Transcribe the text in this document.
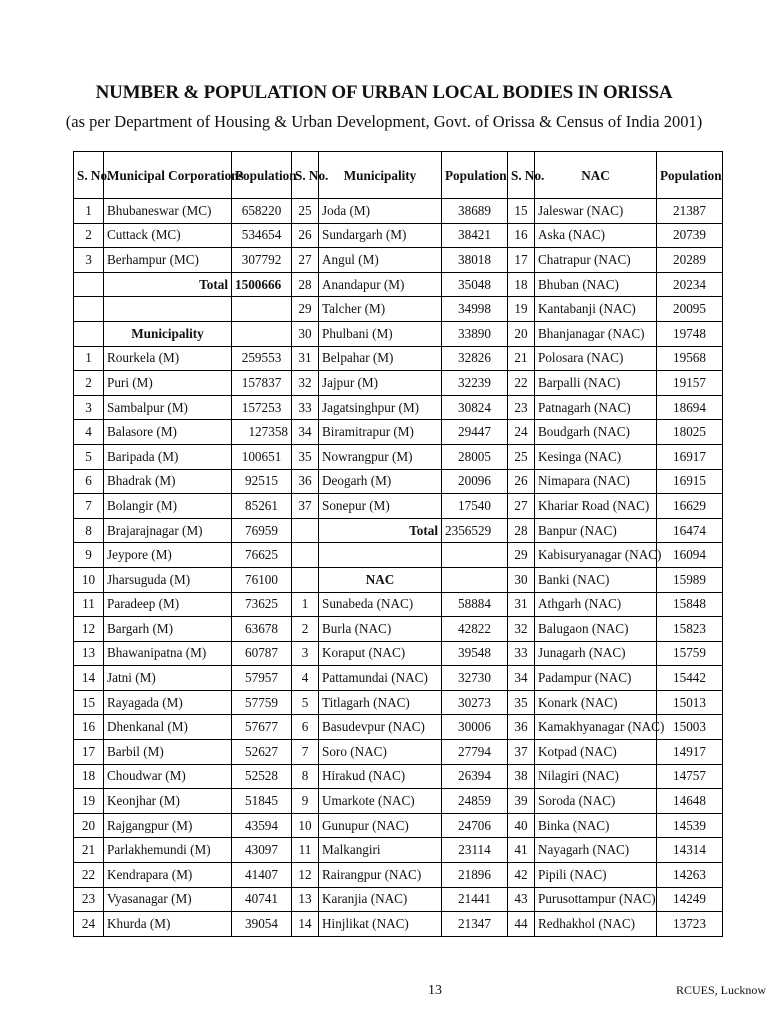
NUMBER & POPULATION OF URBAN LOCAL BODIES IN ORISSA
(as per Department of Housing & Urban Development, Govt. of Orissa & Census of India 2001)
S. No.	Municipal Corporations	Population	S. No.	Municipality	Population	S. No.	NAC	Population
1	Bhubaneswar (MC)	658220	25	Joda (M)	38689	15	Jaleswar (NAC)	21387
2	Cuttack (MC)	534654	26	Sundargarh (M)	38421	16	Aska (NAC)	20739
3	Berhampur (MC)	307792	27	Angul (M)	38018	17	Chatrapur (NAC)	20289
	Total	1500666	28	Anandapur (M)	35048	18	Bhuban (NAC)	20234
			29	Talcher (M)	34998	19	Kantabanji (NAC)	20095
	Municipality		30	Phulbani (M)	33890	20	Bhanjanagar (NAC)	19748
1	Rourkela (M)	259553	31	Belpahar (M)	32826	21	Polosara (NAC)	19568
2	Puri (M)	157837	32	Jajpur (M)	32239	22	Barpalli (NAC)	19157
3	Sambalpur (M)	157253	33	Jagatsinghpur (M)	30824	23	Patnagarh (NAC)	18694
4	Balasore (M)	127358	34	Biramitrapur (M)	29447	24	Boudgarh (NAC)	18025
5	Baripada (M)	100651	35	Nowrangpur (M)	28005	25	Kesinga (NAC)	16917
6	Bhadrak (M)	92515	36	Deogarh (M)	20096	26	Nimapara (NAC)	16915
7	Bolangir (M)	85261	37	Sonepur (M)	17540	27	Khariar Road (NAC)	16629
8	Brajarajnagar (M)	76959		Total	2356529	28	Banpur (NAC)	16474
9	Jeypore (M)	76625				29	Kabisuryanagar (NAC)	16094
10	Jharsuguda (M)	76100		NAC		30	Banki (NAC)	15989
11	Paradeep (M)	73625	1	Sunabeda (NAC)	58884	31	Athgarh (NAC)	15848
12	Bargarh (M)	63678	2	Burla (NAC)	42822	32	Balugaon (NAC)	15823
13	Bhawanipatna (M)	60787	3	Koraput (NAC)	39548	33	Junagarh (NAC)	15759
14	Jatni (M)	57957	4	Pattamundai (NAC)	32730	34	Padampur (NAC)	15442
15	Rayagada (M)	57759	5	Titlagarh (NAC)	30273	35	Konark (NAC)	15013
16	Dhenkanal (M)	57677	6	Basudevpur (NAC)	30006	36	Kamakhyanagar (NAC)	15003
17	Barbil (M)	52627	7	Soro (NAC)	27794	37	Kotpad (NAC)	14917
18	Choudwar (M)	52528	8	Hirakud (NAC)	26394	38	Nilagiri (NAC)	14757
19	Keonjhar (M)	51845	9	Umarkote (NAC)	24859	39	Soroda (NAC)	14648
20	Rajgangpur (M)	43594	10	Gunupur (NAC)	24706	40	Binka (NAC)	14539
21	Parlakhemundi (M)	43097	11	Malkangiri	23114	41	Nayagarh (NAC)	14314
22	Kendrapara (M)	41407	12	Rairangpur (NAC)	21896	42	Pipili (NAC)	14263
23	Vyasanagar (M)	40741	13	Karanjia (NAC)	21441	43	Purusottampur (NAC)	14249
24	Khurda (M)	39054	14	Hinjlikat (NAC)	21347	44	Redhakhol (NAC)	13723
13	RCUES, Lucknow
